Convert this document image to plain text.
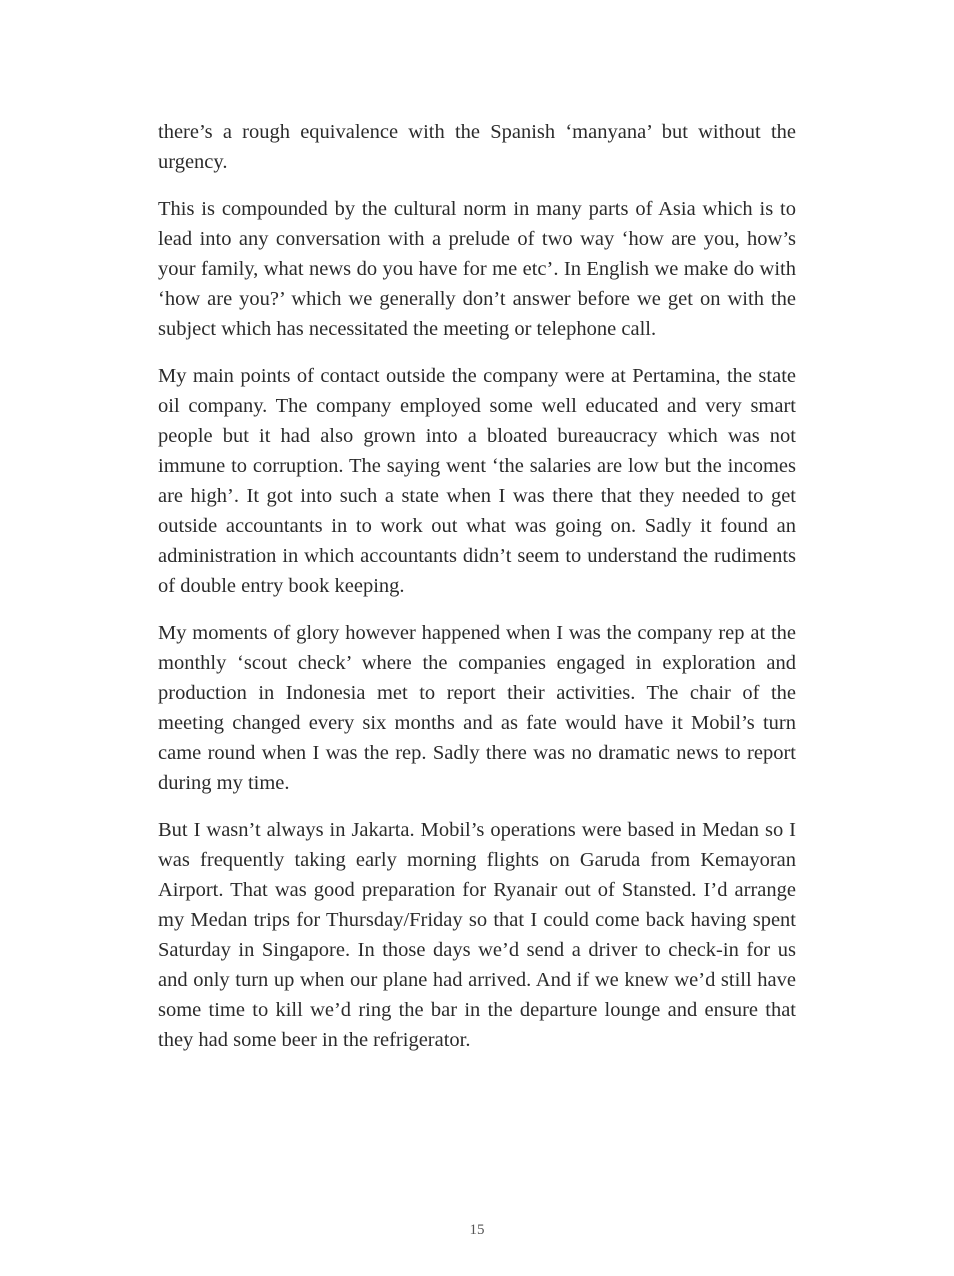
there’s a rough equivalence with the Spanish ‘manyana’ but without the urgency.

This is compounded by the cultural norm in many parts of Asia which is to lead into any conversation with a prelude of two way ‘how are you, how’s your family, what news do you have for me etc’. In English we make do with ‘how are you?’ which we generally don’t answer before we get on with the subject which has necessitated the meeting or telephone call.

My main points of contact outside the company were at Pertamina, the state oil company. The company employed some well educated and very smart people but it had also grown into a bloated bureaucracy which was not immune to corruption. The saying went ‘the salaries are low but the incomes are high’. It got into such a state when I was there that they needed to get outside accountants in to work out what was going on. Sadly it found an administration in which accountants didn’t seem to understand the rudiments of double entry book keeping.

My moments of glory however happened when I was the company rep at the monthly ‘scout check’ where the companies engaged in exploration and production in Indonesia met to report their activities. The chair of the meeting changed every six months and as fate would have it Mobil’s turn came round when I was the rep. Sadly there was no dramatic news to report during my time.

But I wasn’t always in Jakarta. Mobil’s operations were based in Medan so I was frequently taking early morning flights on Garuda from Kemayoran Airport. That was good preparation for Ryanair out of Stansted. I’d arrange my Medan trips for Thursday/Friday so that I could come back having spent Saturday in Singapore. In those days we’d send a driver to check-in for us and only turn up when our plane had arrived. And if we knew we’d still have some time to kill we’d ring the bar in the departure lounge and ensure that they had some beer in the refrigerator.

15
